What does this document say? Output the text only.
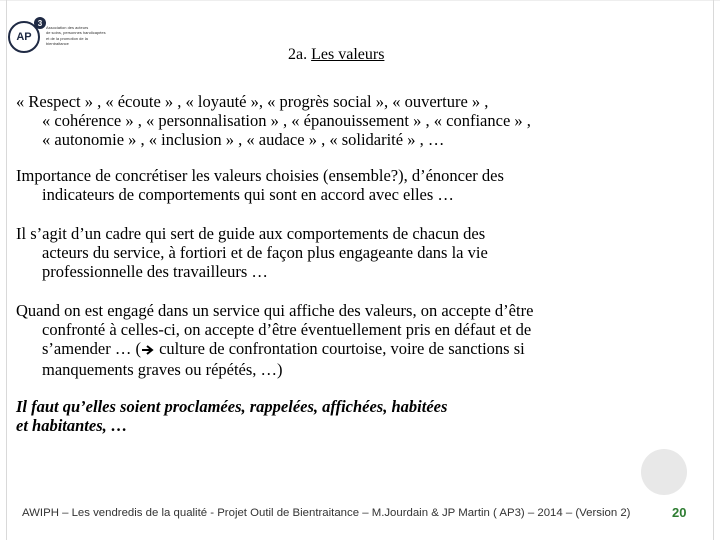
AP
3 Association des acteurs
de soins, personnes handicapées
et de la promotion de la
bientraitance
2a. Les valeurs
« Respect » , « écoute » , « loyauté », « progrès social », « ouverture » ,
« cohérence » , « personnalisation » , « épanouissement » , « confiance » ,
« autonomie » , « inclusion » , « audace » , « solidarité » , …
Importance de concrétiser les valeurs choisies (ensemble?), d’énoncer des
indicateurs de comportements qui sont en accord avec elles …
Il s’agit d’un cadre qui sert de guide aux comportements de chacun des
acteurs du service, à fortiori et de façon plus engageante dans la vie
professionnelle des travailleurs …
Quand on est engagé dans un service qui affiche des valeurs, on accepte d’être
confronté à celles-ci, on accepte d’être éventuellement pris en défaut et de
s’amender … ( culture de confrontation courtoise, voire de sanctions si
manquements graves ou répétés, …)
Il faut qu’elles soient proclamées, rappelées, affichées, habitées
et habitantes, …
AWIPH – Les vendredis de la qualité - Projet Outil de Bientraitance – M.Jourdain & JP Martin ( AP3) – 2014 – (Version 2)	20
